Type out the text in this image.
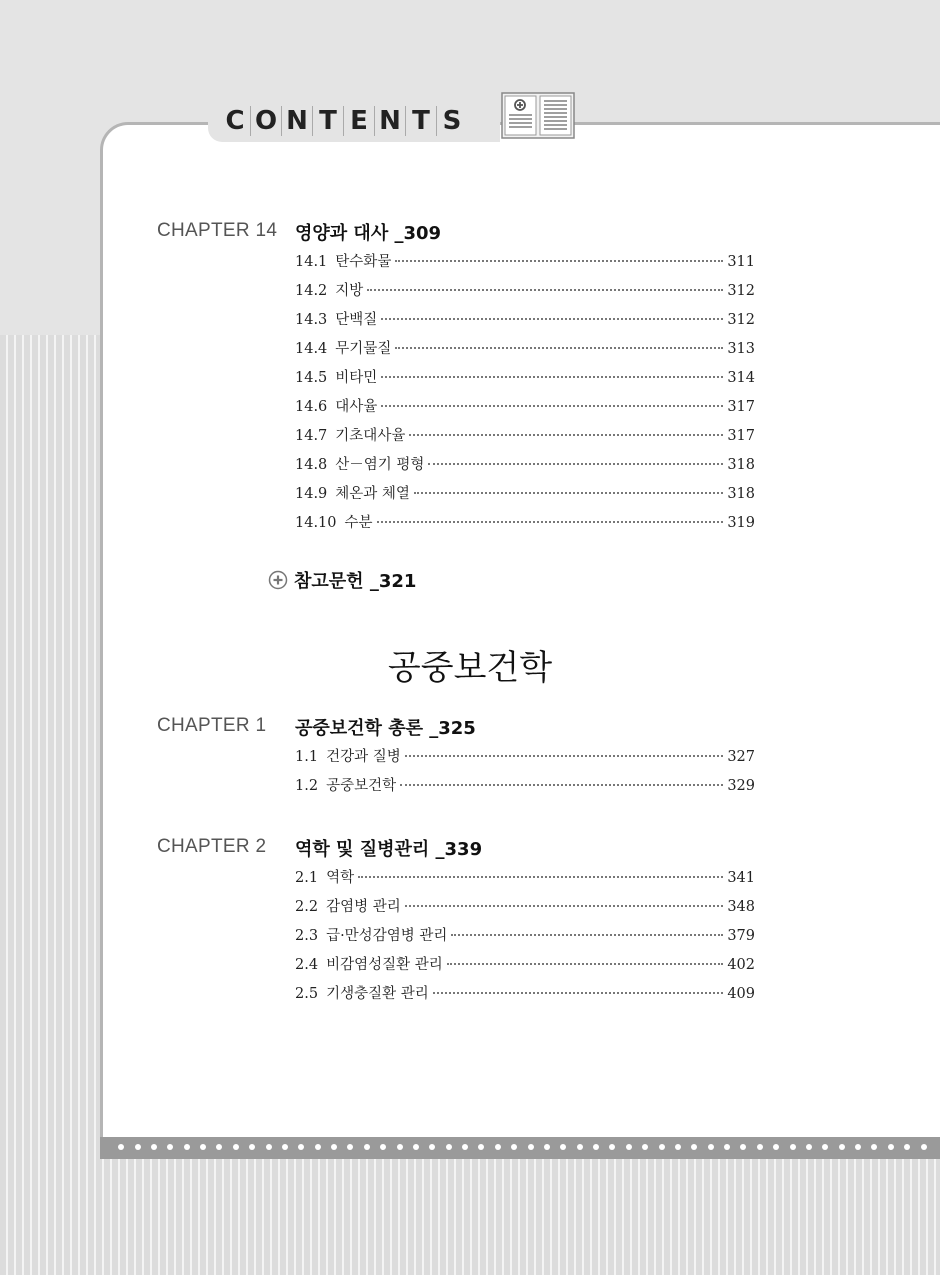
C O N T E N T S
CHAPTER 14 영양과 대사 _309
14.1 탄수화물	311
14.2 지방	312
14.3 단백질	312
14.4 무기물질	313
14.5 비타민	314
14.6 대사율	317
14.7 기초대사율	317
14.8 산－염기 평형	318
14.9 체온과 체열	318
14.10 수분	319
참고문헌 _321
공중보건학
CHAPTER 1 공중보건학 총론 _325
1.1 건강과 질병	327
1.2 공중보건학	329
CHAPTER 2 역학 및 질병관리 _339
2.1 역학	341
2.2 감염병 관리	348
2.3 급·만성감염병 관리	379
2.4 비감염성질환 관리	402
2.5 기생충질환 관리	409
